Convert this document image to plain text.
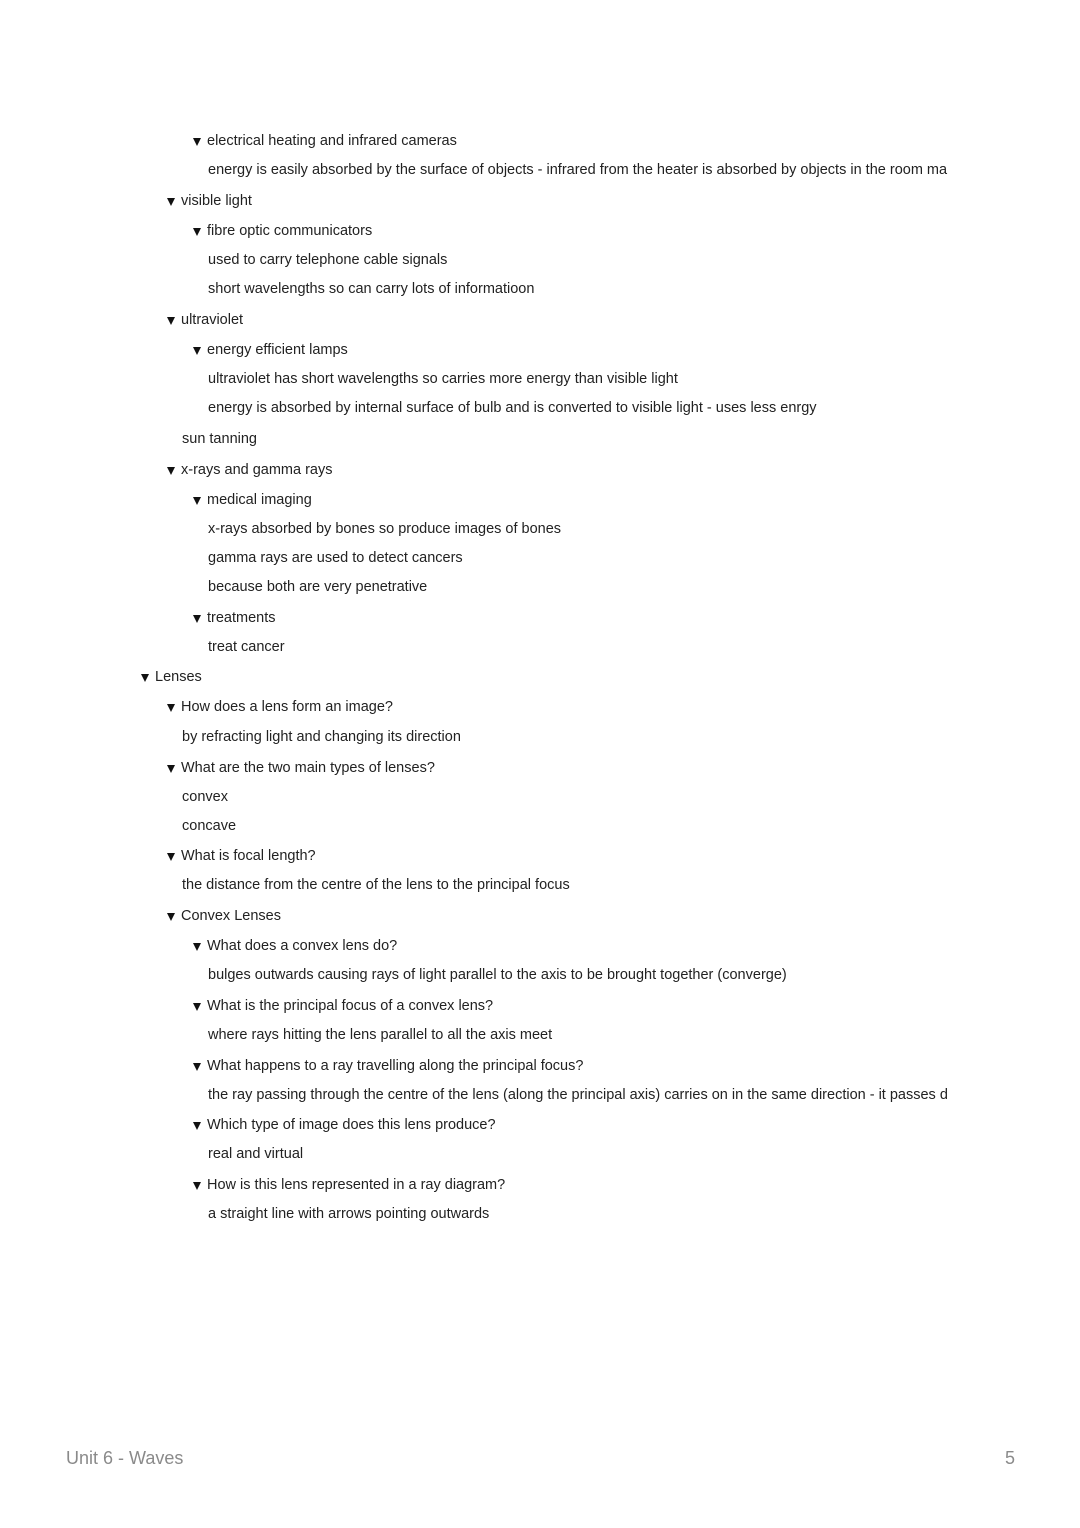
electrical heating and infrared cameras
energy is easily absorbed by the surface of objects - infrared from the heater is absorbed by objects in the room ma
visible light
fibre optic communicators
used to carry telephone cable signals
short wavelengths so can carry lots of informatioon
ultraviolet
energy efficient lamps
ultraviolet has short wavelengths so carries more energy than visible light
energy is absorbed by internal surface of bulb and is converted to visible light - uses less enrgy
sun tanning
x-rays and gamma rays
medical imaging
x-rays absorbed by bones so produce images of bones
gamma rays are used to detect cancers
because both are very penetrative
treatments
treat cancer
Lenses
How does a lens form an image?
by refracting light and changing its direction
What are the two main types of lenses?
convex
concave
What is focal length?
the distance from the centre of the lens to the principal focus
Convex Lenses
What does a convex lens do?
bulges outwards causing rays of light parallel to the axis to be brought together (converge)
What is the principal focus of a convex lens?
where rays hitting the lens parallel to all the axis meet
What happens to a ray travelling along the principal focus?
the ray passing through the centre of the lens (along the principal axis) carries on in the same direction - it passes d
Which type of image does this lens produce?
real and virtual
How is this lens represented in a ray diagram?
a straight line with arrows pointing outwards
Unit 6 - Waves	5
